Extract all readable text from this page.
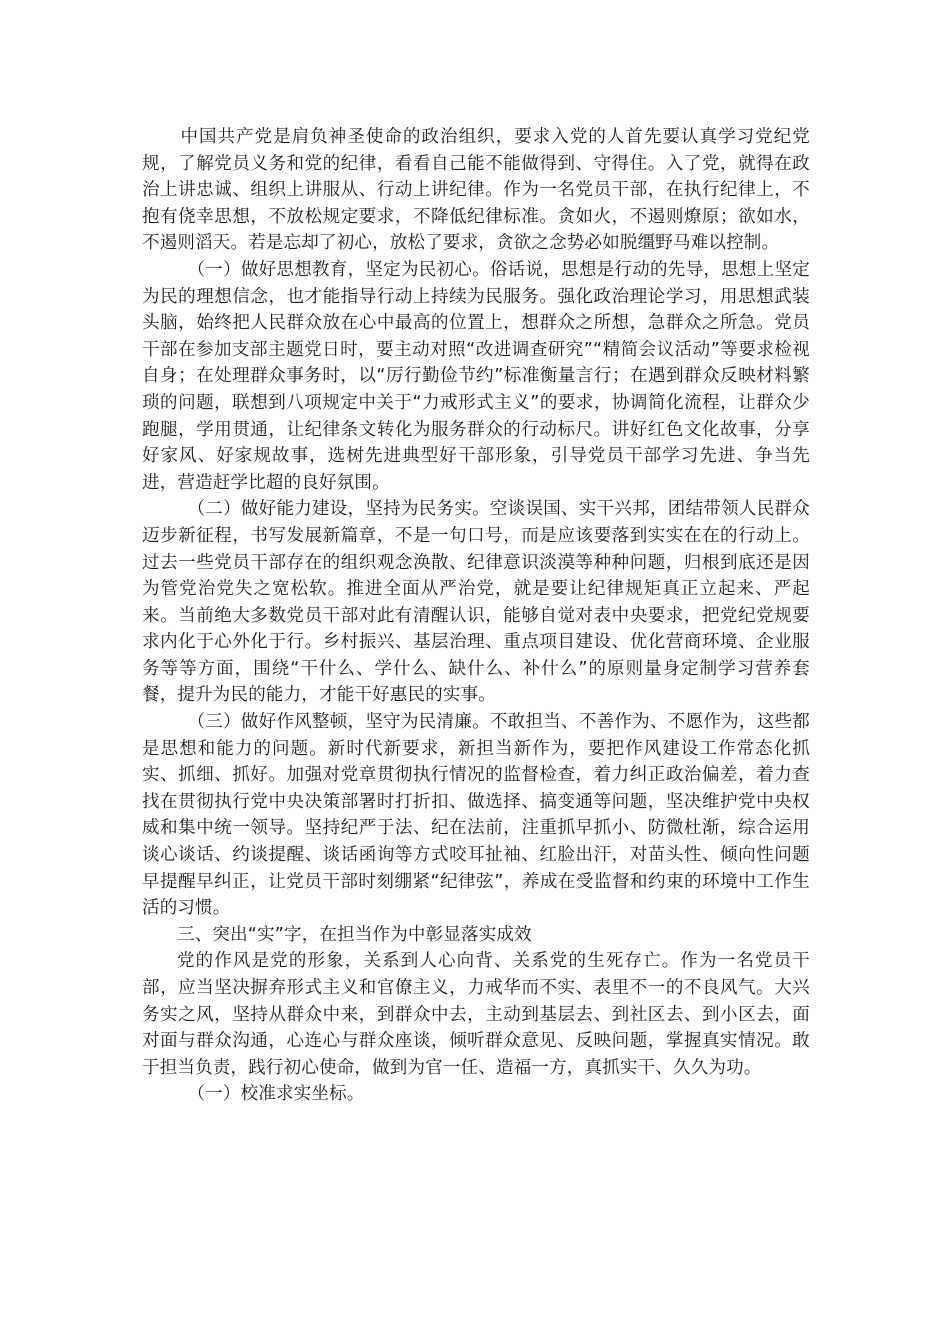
中国共产党是肩负神圣使命的政治组织，要求入党的人首先要认真学习党纪党规，了解党员义务和党的纪律，看看自己能不能做得到、守得住。入了党，就得在政治上讲忠诚、组织上讲服从、行动上讲纪律。作为一名党员干部，在执行纪律上，不抱有侥幸思想，不放松规定要求，不降低纪律标准。贪如火，不遏则燎原；欲如水，不遏则滔天。若是忘却了初心，放松了要求，贪欲之念势必如脱缰野马难以控制。

（一）做好思想教育，坚定为民初心。俗话说，思想是行动的先导，思想上坚定为民的理想信念，也才能指导行动上持续为民服务。强化政治理论学习，用思想武装头脑，始终把人民群众放在心中最高的位置上，想群众之所想，急群众之所急。党员干部在参加支部主题党日时，要主动对照“改进调查研究”“精简会议活动”等要求检视自身；在处理群众事务时，以“厉行勤俭节约”标准衡量言行；在遇到群众反映材料繁琐的问题，联想到八项规定中关于“力戒形式主义”的要求，协调简化流程，让群众少跑腿，学用贯通，让纪律条文转化为服务群众的行动标尺。讲好红色文化故事，分享好家风、好家规故事，选树先进典型好干部形象，引导党员干部学习先进、争当先进，营造赶学比超的良好氛围。

（二）做好能力建设，坚持为民务实。空谈误国、实干兴邦，团结带领人民群众迈步新征程，书写发展新篇章，不是一句口号，而是应该要落到实实在在的行动上。过去一些党员干部存在的组织观念涣散、纪律意识淡漠等种种问题，归根到底还是因为管党治党失之宽松软。推进全面从严治党，就是要让纪律规矩真正立起来、严起来。当前绝大多数党员干部对此有清醒认识，能够自觉对表中央要求，把党纪党规要求内化于心外化于行。乡村振兴、基层治理、重点项目建设、优化营商环境、企业服务等等方面，围绕“干什么、学什么、缺什么、补什么”的原则量身定制学习营养套餐，提升为民的能力，才能干好惠民的实事。

（三）做好作风整顿，坚守为民清廉。不敢担当、不善作为、不愿作为，这些都是思想和能力的问题。新时代新要求，新担当新作为，要把作风建设工作常态化抓实、抓细、抓好。加强对党章贯彻执行情况的监督检查，着力纠正政治偏差，着力查找在贯彻执行党中央决策部署时打折扣、做选择、搞变通等问题，坚决维护党中央权威和集中统一领导。坚持纪严于法、纪在法前，注重抓早抓小、防微杜渐，综合运用谈心谈话、约谈提醒、谈话函询等方式咬耳扯袖、红脸出汗，对苗头性、倾向性问题早提醒早纠正，让党员干部时刻绷紧“纪律弦”，养成在受监督和约束的环境中工作生活的习惯。

三、突出“实”字，在担当作为中彰显落实成效

党的作风是党的形象，关系到人心向背、关系党的生死存亡。作为一名党员干部，应当坚决摒弃形式主义和官僚主义，力戒华而不实、表里不一的不良风气。大兴务实之风，坚持从群众中来，到群众中去，主动到基层去、到社区去、到小区去，面对面与群众沟通，心连心与群众座谈，倾听群众意见、反映问题，掌握真实情况。敢于担当负责，践行初心使命，做到为官一任、造福一方，真抓实干、久久为功。

（一）校准求实坐标。
